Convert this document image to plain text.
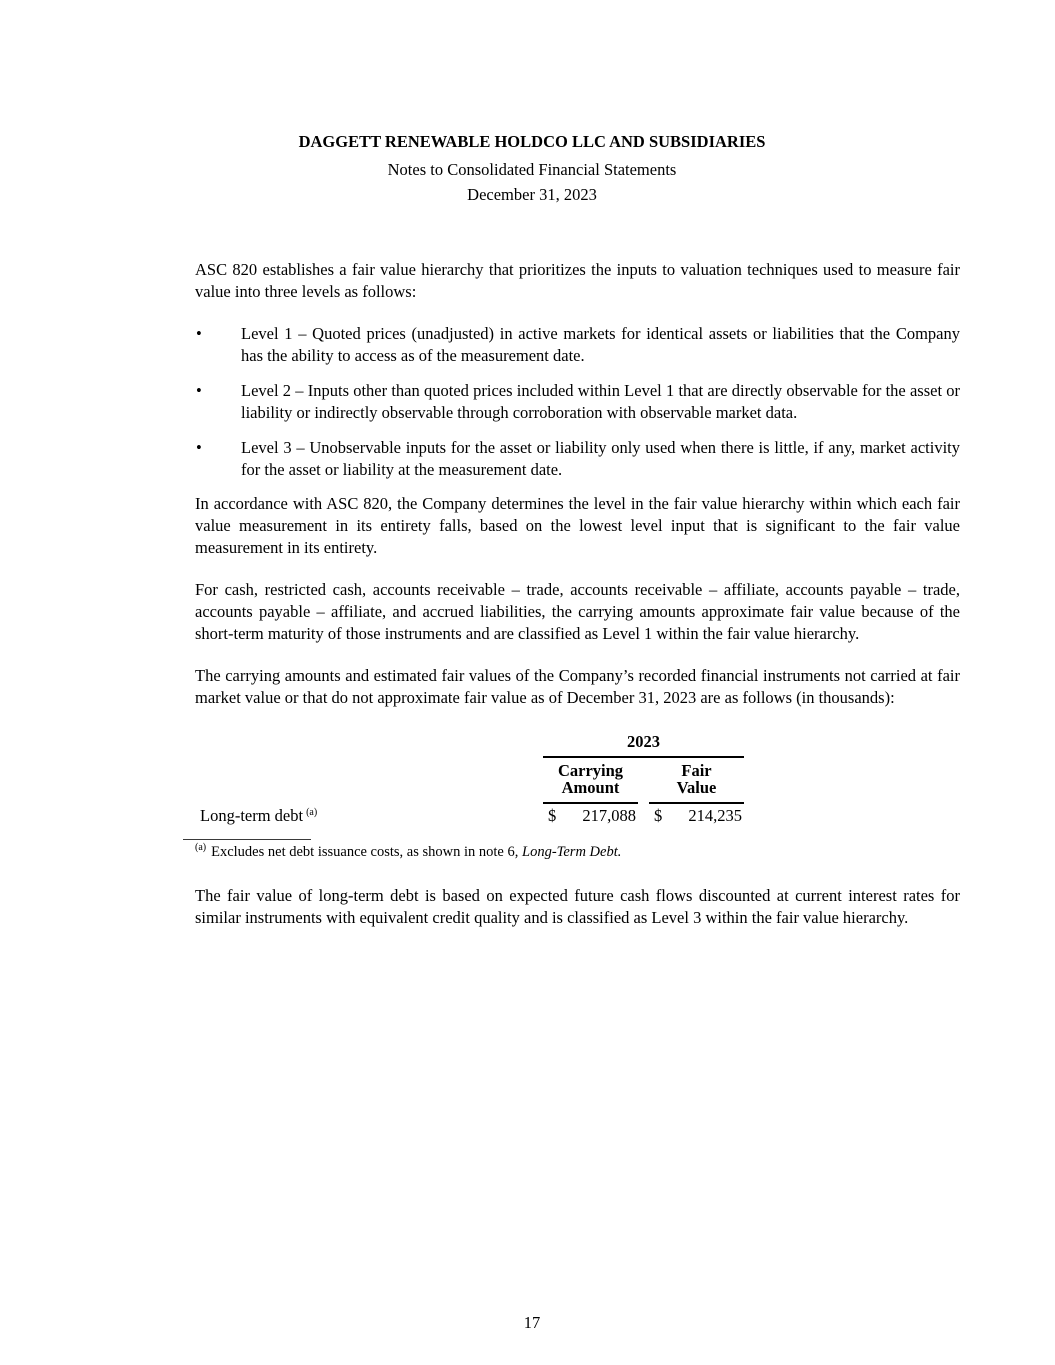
DAGGETT RENEWABLE HOLDCO LLC AND SUBSIDIARIES
Notes to Consolidated Financial Statements
December 31, 2023

ASC 820 establishes a fair value hierarchy that prioritizes the inputs to valuation techniques used to measure fair value into three levels as follows:

• Level 1 – Quoted prices (unadjusted) in active markets for identical assets or liabilities that the Company has the ability to access as of the measurement date.
• Level 2 – Inputs other than quoted prices included within Level 1 that are directly observable for the asset or liability or indirectly observable through corroboration with observable market data.
• Level 3 – Unobservable inputs for the asset or liability only used when there is little, if any, market activity for the asset or liability at the measurement date.

In accordance with ASC 820, the Company determines the level in the fair value hierarchy within which each fair value measurement in its entirety falls, based on the lowest level input that is significant to the fair value measurement in its entirety.

For cash, restricted cash, accounts receivable – trade, accounts receivable – affiliate, accounts payable – trade, accounts payable – affiliate, and accrued liabilities, the carrying amounts approximate fair value because of the short-term maturity of those instruments and are classified as Level 1 within the fair value hierarchy.

The carrying amounts and estimated fair values of the Company’s recorded financial instruments not carried at fair market value or that do not approximate fair value as of December 31, 2023 are as follows (in thousands):

2023
Carrying
Amount
Fair
Value
Long-term debt $^{(a)}$	$ 217,088 $ 214,235
$^{(a)}$ Excludes net debt issuance costs, as shown in note 6, Long-Term Debt.

The fair value of long-term debt is based on expected future cash flows discounted at current interest rates for similar instruments with equivalent credit quality and is classified as Level 3 within the fair value hierarchy.

17
